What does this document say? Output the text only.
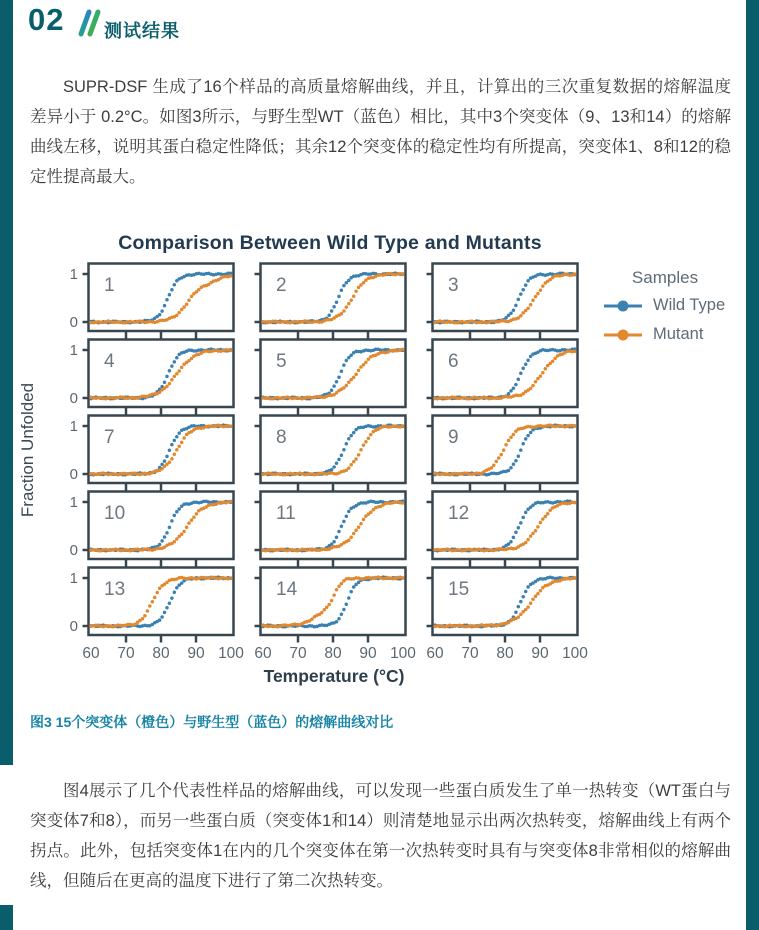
02 测试结果

SUPR-DSF 生成了16个样品的高质量熔解曲线，并且，计算出的三次重复数据的熔解温度差异小于 0.2°C。如图3所示，与野生型WT（蓝色）相比，其中3个突变体（9、13和14）的熔解曲线左移，说明其蛋白稳定性降低；其余12个突变体的稳定性均有所提高，突变体1、8和12的稳定性提高最大。

Comparison Between Wild Type and Mutants
Fraction Unfolded
1	2	3
4	5	6
7	8	9
10	11	12
13
60 70 80 90 100
14
60 70 80 90 100
15
60 70 80 90 100
Temperature (°C)
Samples
Wild Type
Mutant
1
0
1
0
1
0
1
0
1
0
图3 15个突变体（橙色）与野生型（蓝色）的熔解曲线对比

图4展示了几个代表性样品的熔解曲线，可以发现一些蛋白质发生了单一热转变（WT蛋白与突变体7和8），而另一些蛋白质（突变体1和14）则清楚地显示出两次热转变，熔解曲线上有两个拐点。此外，包括突变体1在内的几个突变体在第一次热转变时具有与突变体8非常相似的熔解曲线，但随后在更高的温度下进行了第二次热转变。
